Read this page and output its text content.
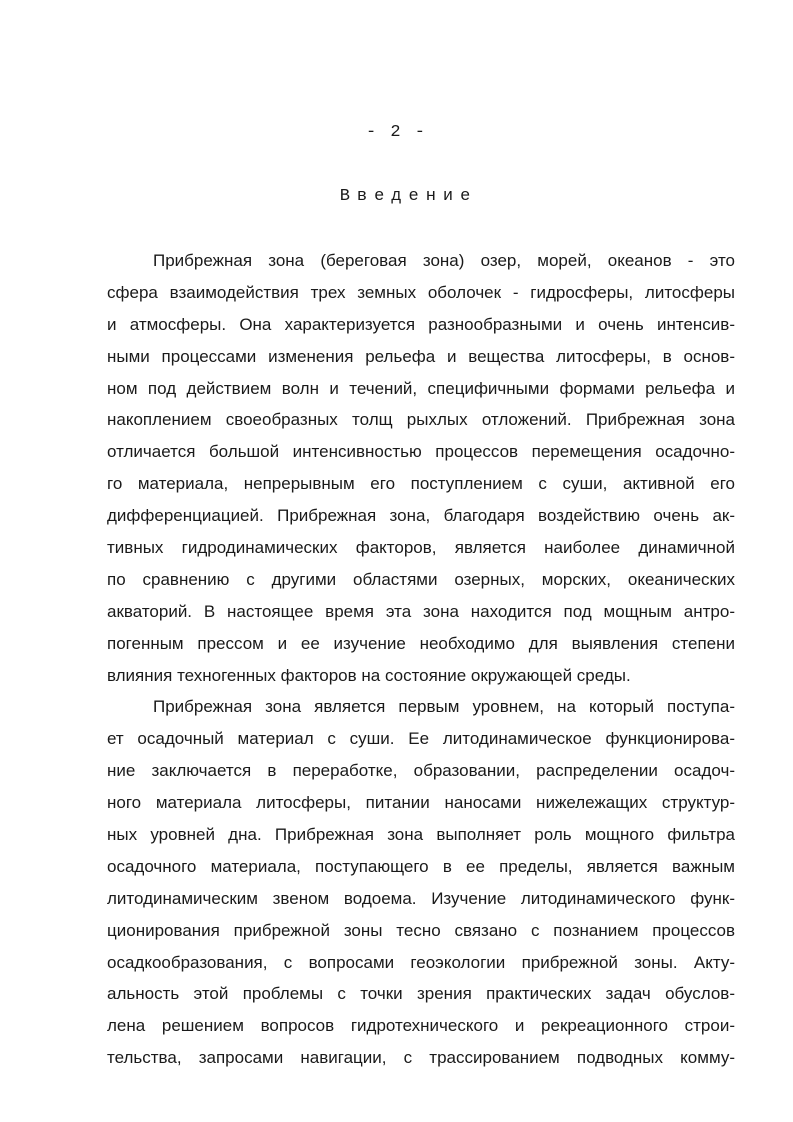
- 2 -
Введение
Прибрежная зона (береговая зона) озер, морей, океанов - это
сфера взаимодействия трех земных оболочек - гидросферы, литосферы
и атмосферы. Она характеризуется разнообразными и очень интенсив-
ными процессами изменения рельефа и вещества литосферы, в основ-
ном под действием волн и течений, специфичными формами рельефа и
накоплением своеобразных толщ рыхлых отложений. Прибрежная зона
отличается большой интенсивностью процессов перемещения осадочно-
го материала, непрерывным его поступлением с суши, активной его
дифференциацией. Прибрежная зона, благодаря воздействию очень ак-
тивных гидродинамических факторов, является наиболее динамичной
по сравнению с другими областями озерных, морских, океанических
акваторий. В настоящее время эта зона находится под мощным антро-
погенным прессом и ее изучение необходимо для выявления степени
влияния техногенных факторов на состояние окружающей среды.
Прибрежная зона является первым уровнем, на который поступа-
ет осадочный материал с суши. Ее литодинамическое функционирова-
ние заключается в переработке, образовании, распределении осадоч-
ного материала литосферы, питании наносами нижележащих структур-
ных уровней дна. Прибрежная зона выполняет роль мощного фильтра
осадочного материала, поступающего в ее пределы, является важным
литодинамическим звеном водоема. Изучение литодинамического функ-
ционирования прибрежной зоны тесно связано с познанием процессов
осадкообразования, с вопросами геоэкологии прибрежной зоны. Акту-
альность этой проблемы с точки зрения практических задач обуслов-
лена решением вопросов гидротехнического и рекреационного строи-
тельства, запросами навигации, с трассированием подводных комму-
